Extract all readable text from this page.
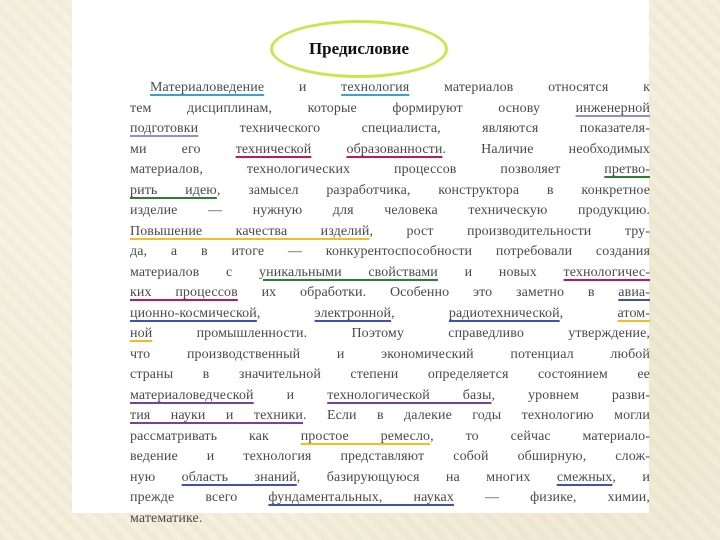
Предисловие
Материаловедение и технология материалов относятся к
тем дисциплинам, которые формируют основу инженерной
подготовки технического специалиста, являются показателя-
ми его технической	образованности. Наличие необходимых
материалов, технологических процессов позволяет претво-
рить идею, замысел разработчика, конструктора в конкретное
изделие — нужную для человека техническую продукцию.
Повышение качества изделий, рост производительности тру-
да, а в итоге — конкурентоспособности потребовали создания
материалов с уникальными свойствами и новых технологичес-
ких процессов их обработки. Особенно это заметно в авиа-
ционно-космической, электронной, радиотехнической, атом-
ной промышленности. Поэтому справедливо утверждение,
что производственный и экономический потенциал любой
страны в значительной степени определяется состоянием ее
материаловедческой и технологической базы, уровнем разви-
тия науки и техники. Если в далекие годы технологию могли
рассматривать как простое ремесло, то сейчас материало-
ведение и технология представляют собой обширную, слож-
ную область знаний, базирующуюся на многих смежных, и
прежде всего фундаментальных, науках — физике, химии,
математике.
